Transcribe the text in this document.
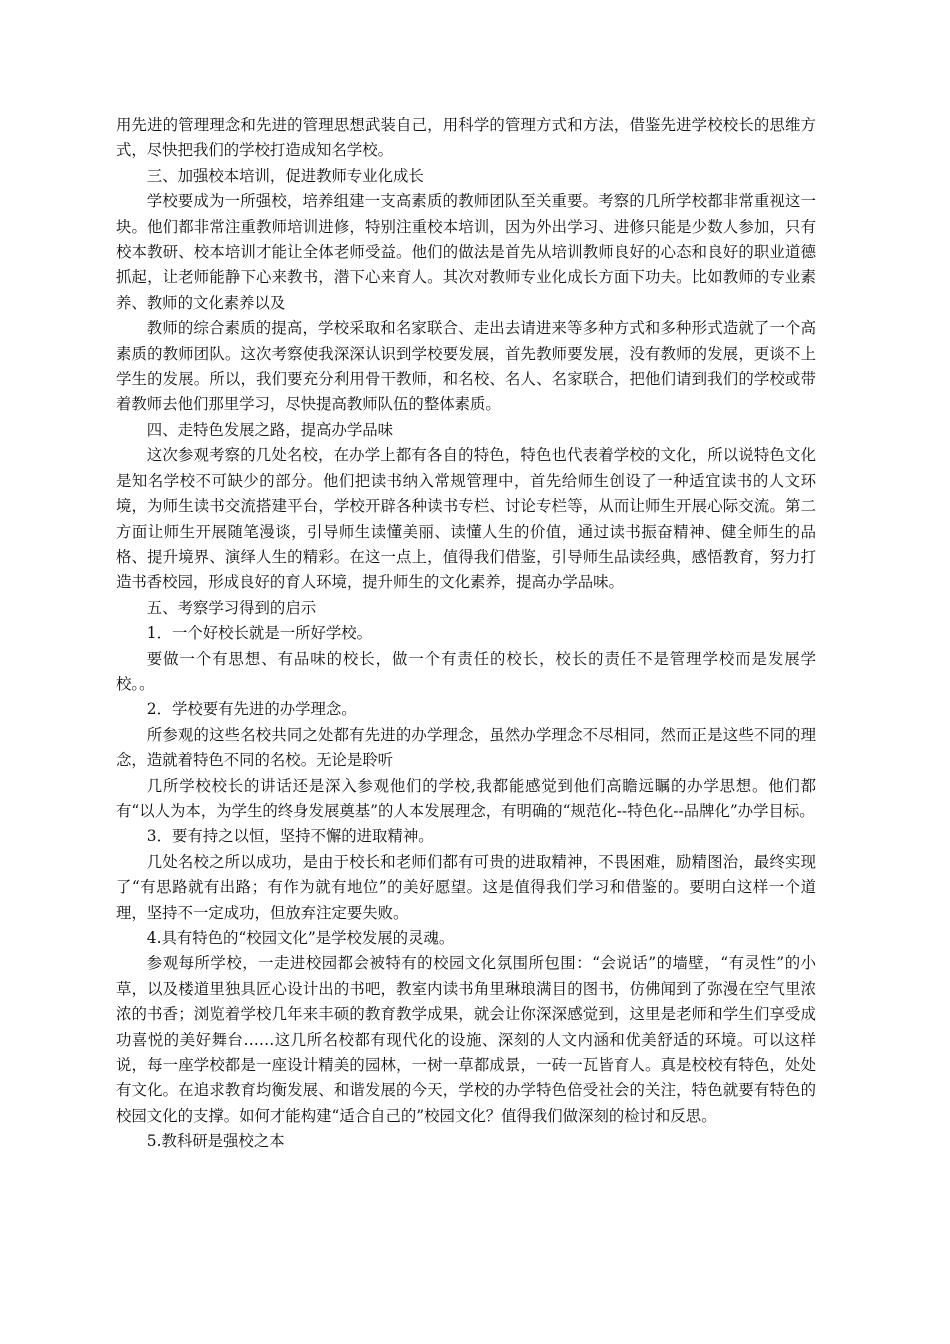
用先进的管理理念和先进的管理思想武装自己，用科学的管理方式和方法，借鉴先进学校校长的思维方式，尽快把我们的学校打造成知名学校。

三、加强校本培训，促进教师专业化成长

学校要成为一所强校，培养组建一支高素质的教师团队至关重要。考察的几所学校都非常重视这一块。他们都非常注重教师培训进修，特别注重校本培训，因为外出学习、进修只能是少数人参加，只有校本教研、校本培训才能让全体老师受益。他们的做法是首先从培训教师良好的心态和良好的职业道德抓起，让老师能静下心来教书，潜下心来育人。其次对教师专业化成长方面下功夫。比如教师的专业素养、教师的文化素养以及

教师的综合素质的提高，学校采取和名家联合、走出去请进来等多种方式和多种形式造就了一个高素质的教师团队。这次考察使我深深认识到学校要发展，首先教师要发展，没有教师的发展，更谈不上学生的发展。所以，我们要充分利用骨干教师，和名校、名人、名家联合，把他们请到我们的学校或带着教师去他们那里学习，尽快提高教师队伍的整体素质。

四、走特色发展之路，提高办学品味

这次参观考察的几处名校，在办学上都有各自的特色，特色也代表着学校的文化，所以说特色文化是知名学校不可缺少的部分。他们把读书纳入常规管理中，首先给师生创设了一种适宜读书的人文环境，为师生读书交流搭建平台，学校开辟各种读书专栏、讨论专栏等，从而让师生开展心际交流。第二方面让师生开展随笔漫谈，引导师生读懂美丽、读懂人生的价值，通过读书振奋精神、健全师生的品格、提升境界、演绎人生的精彩。在这一点上，值得我们借鉴，引导师生品读经典，感悟教育，努力打造书香校园，形成良好的育人环境，提升师生的文化素养，提高办学品味。

五、考察学习得到的启示

1．一个好校长就是一所好学校。

要做一个有思想、有品味的校长，做一个有责任的校长，校长的责任不是管理学校而是发展学校。。

2．学校要有先进的办学理念。

所参观的这些名校共同之处都有先进的办学理念，虽然办学理念不尽相同，然而正是这些不同的理念，造就着特色不同的名校。无论是聆听

几所学校校长的讲话还是深入参观他们的学校,我都能感觉到他们高瞻远瞩的办学思想。他们都有“以人为本，为学生的终身发展奠基”的人本发展理念，有明确的“规范化--特色化--品牌化”办学目标。

3．要有持之以恒，坚持不懈的进取精神。

几处名校之所以成功，是由于校长和老师们都有可贵的进取精神，不畏困难，励精图治，最终实现了“有思路就有出路；有作为就有地位”的美好愿望。这是值得我们学习和借鉴的。要明白这样一个道理，坚持不一定成功，但放弃注定要失败。

4.具有特色的“校园文化”是学校发展的灵魂。

参观每所学校，一走进校园都会被特有的校园文化氛围所包围：“会说话”的墙壁，“有灵性”的小草，以及楼道里独具匠心设计出的书吧，教室内读书角里琳琅满目的图书，仿佛闻到了弥漫在空气里浓浓的书香；浏览着学校几年来丰硕的教育教学成果，就会让你深深感觉到，这里是老师和学生们享受成功喜悦的美好舞台……这几所名校都有现代化的设施、深刻的人文内涵和优美舒适的环境。可以这样说，每一座学校都是一座设计精美的园林，一树一草都成景，一砖一瓦皆育人。真是校校有特色，处处有文化。在追求教育均衡发展、和谐发展的今天，学校的办学特色倍受社会的关注，特色就要有特色的校园文化的支撑。如何才能构建“适合自己的”校园文化？值得我们做深刻的检讨和反思。

5.教科研是强校之本
